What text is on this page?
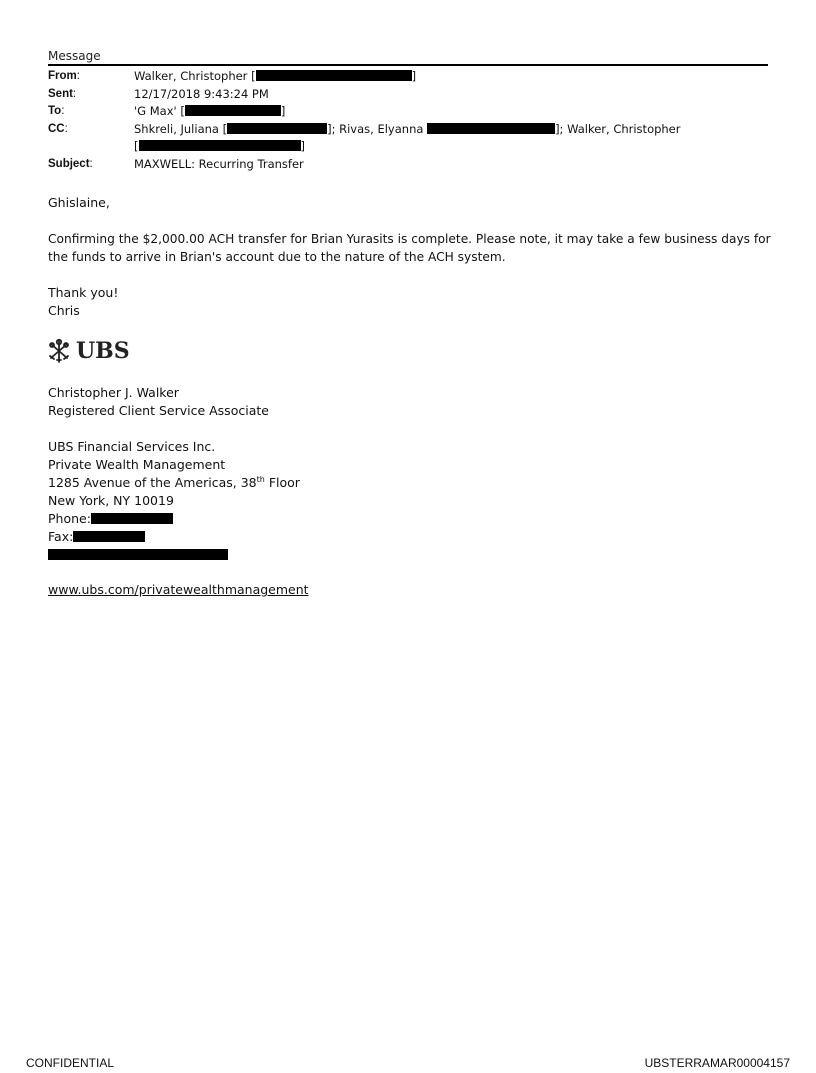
Message
From:	Walker, Christopher [	]
Sent:	12/17/2018 9:43:24 PM
To:	'G Max' [	]
CC:	Shkreli, Juliana [	]; Rivas, Elyanna	]; Walker, Christopher
[	]
Subject:	MAXWELL: Recurring Transfer
Ghislaine,
Confirming the $2,000.00 ACH transfer for Brian Yurasits is complete. Please note, it may take a few business days for
the funds to arrive in Brian's account due to the nature of the ACH system.
Thank you!
Chris
UBS
Christopher J. Walker
Registered Client Service Associate
UBS Financial Services Inc.
Private Wealth Management
1285 Avenue of the Americas, 38th Floor
New York, NY 10019
Phone:
Fax:
www.ubs.com/privatewealthmanagement
CONFIDENTIAL	UBSTERRAMAR00004157
